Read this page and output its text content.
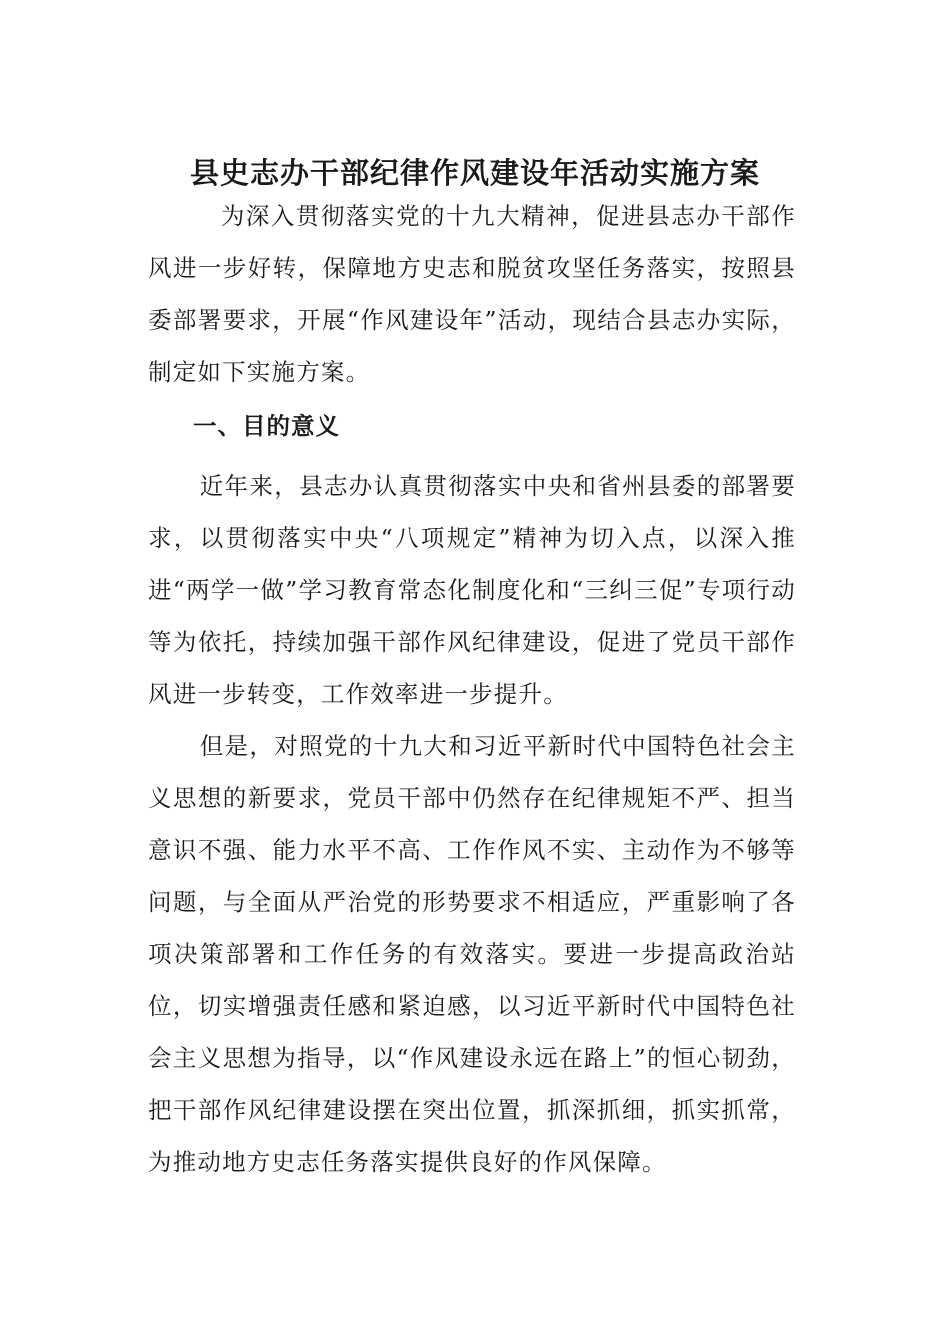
县史志办干部纪律作风建设年活动实施方案

为深入贯彻落实党的十九大精神，促进县志办干部作风进一步好转，保障地方史志和脱贫攻坚任务落实，按照县委部署要求，开展“作风建设年”活动，现结合县志办实际，制定如下实施方案。

一、目的意义

近年来，县志办认真贯彻落实中央和省州县委的部署要求，以贯彻落实中央“八项规定”精神为切入点，以深入推进“两学一做”学习教育常态化制度化和“三纠三促”专项行动等为依托，持续加强干部作风纪律建设，促进了党员干部作风进一步转变，工作效率进一步提升。

但是，对照党的十九大和习近平新时代中国特色社会主义思想的新要求，党员干部中仍然存在纪律规矩不严、担当意识不强、能力水平不高、工作作风不实、主动作为不够等问题，与全面从严治党的形势要求不相适应，严重影响了各项决策部署和工作任务的有效落实。要进一步提高政治站位，切实增强责任感和紧迫感，以习近平新时代中国特色社会主义思想为指导，以“作风建设永远在路上”的恒心韧劲，把干部作风纪律建设摆在突出位置，抓深抓细，抓实抓常，为推动地方史志任务落实提供良好的作风保障。
